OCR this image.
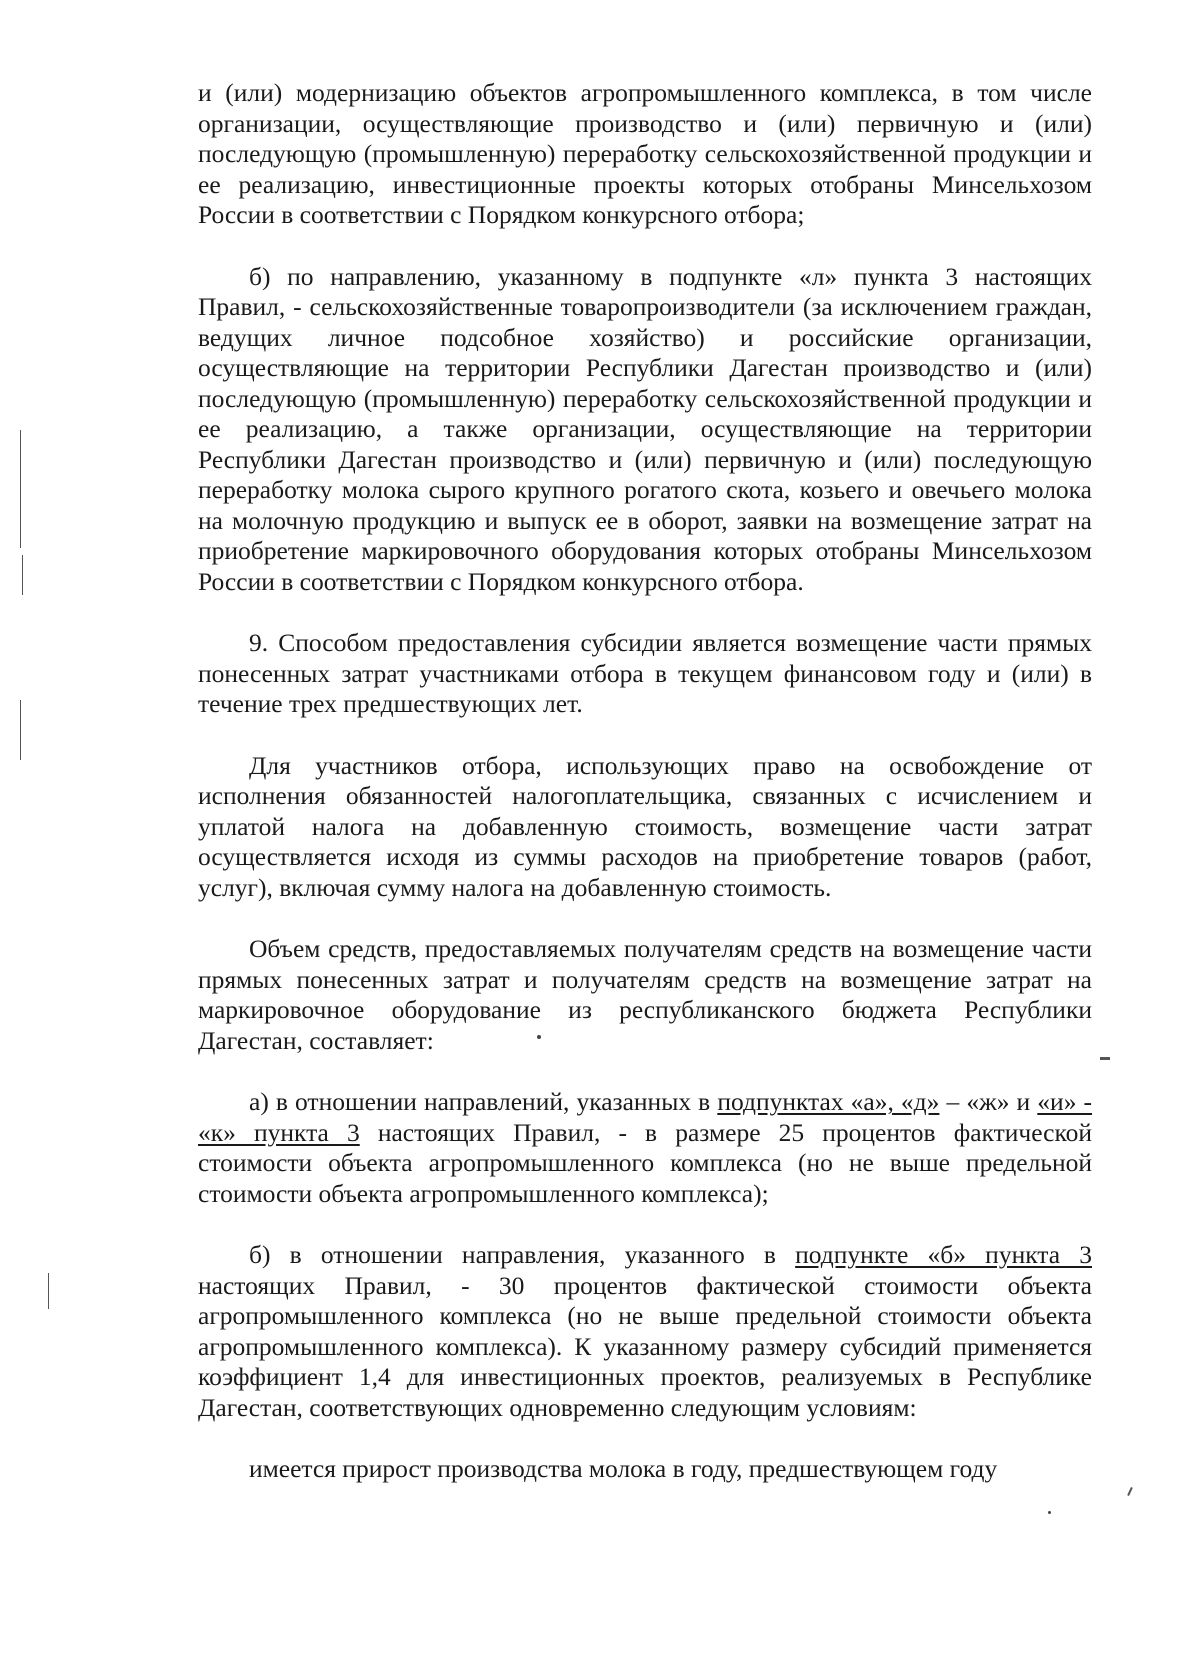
и (или) модернизацию объектов агропромышленного комплекса, в том числе организации, осуществляющие производство и (или) первичную и (или) последующую (промышленную) переработку сельскохозяйственной продукции и ее реализацию, инвестиционные проекты которых отобраны Минсельхозом России в соответствии с Порядком конкурсного отбора;

б) по направлению, указанному в подпункте «л» пункта 3 настоящих Правил, - сельскохозяйственные товаропроизводители (за исключением граждан, ведущих личное подсобное хозяйство) и российские организации, осуществляющие на территории Республики Дагестан производство и (или) последующую (промышленную) переработку сельскохозяйственной продукции и ее реализацию, а также организации, осуществляющие на территории Республики Дагестан производство и (или) первичную и (или) последующую переработку молока сырого крупного рогатого скота, козьего и овечьего молока на молочную продукцию и выпуск ее в оборот, заявки на возмещение затрат на приобретение маркировочного оборудования которых отобраны Минсельхозом России в соответствии с Порядком конкурсного отбора.

9. Способом предоставления субсидии является возмещение части прямых понесенных затрат участниками отбора в текущем финансовом году и (или) в течение трех предшествующих лет.

Для участников отбора, использующих право на освобождение от исполнения обязанностей налогоплательщика, связанных с исчислением и уплатой налога на добавленную стоимость, возмещение части затрат осуществляется исходя из суммы расходов на приобретение товаров (работ, услуг), включая сумму налога на добавленную стоимость.

Объем средств, предоставляемых получателям средств на возмещение части прямых понесенных затрат и получателям средств на возмещение затрат на маркировочное оборудование из республиканского бюджета Республики Дагестан, составляет:

а) в отношении направлений, указанных в подпунктах «а», «д» – «ж» и «и» - «к» пункта 3 настоящих Правил, - в размере 25 процентов фактической стоимости объекта агропромышленного комплекса (но не выше предельной стоимости объекта агропромышленного комплекса);

б) в отношении направления, указанного в подпункте «б» пункта 3 настоящих Правил, - 30 процентов фактической стоимости объекта агропромышленного комплекса (но не выше предельной стоимости объекта агропромышленного комплекса). К указанному размеру субсидий применяется коэффициент 1,4 для инвестиционных проектов, реализуемых в Республике Дагестан, соответствующих одновременно следующим условиям:

имеется прирост производства молока в году, предшествующем году
